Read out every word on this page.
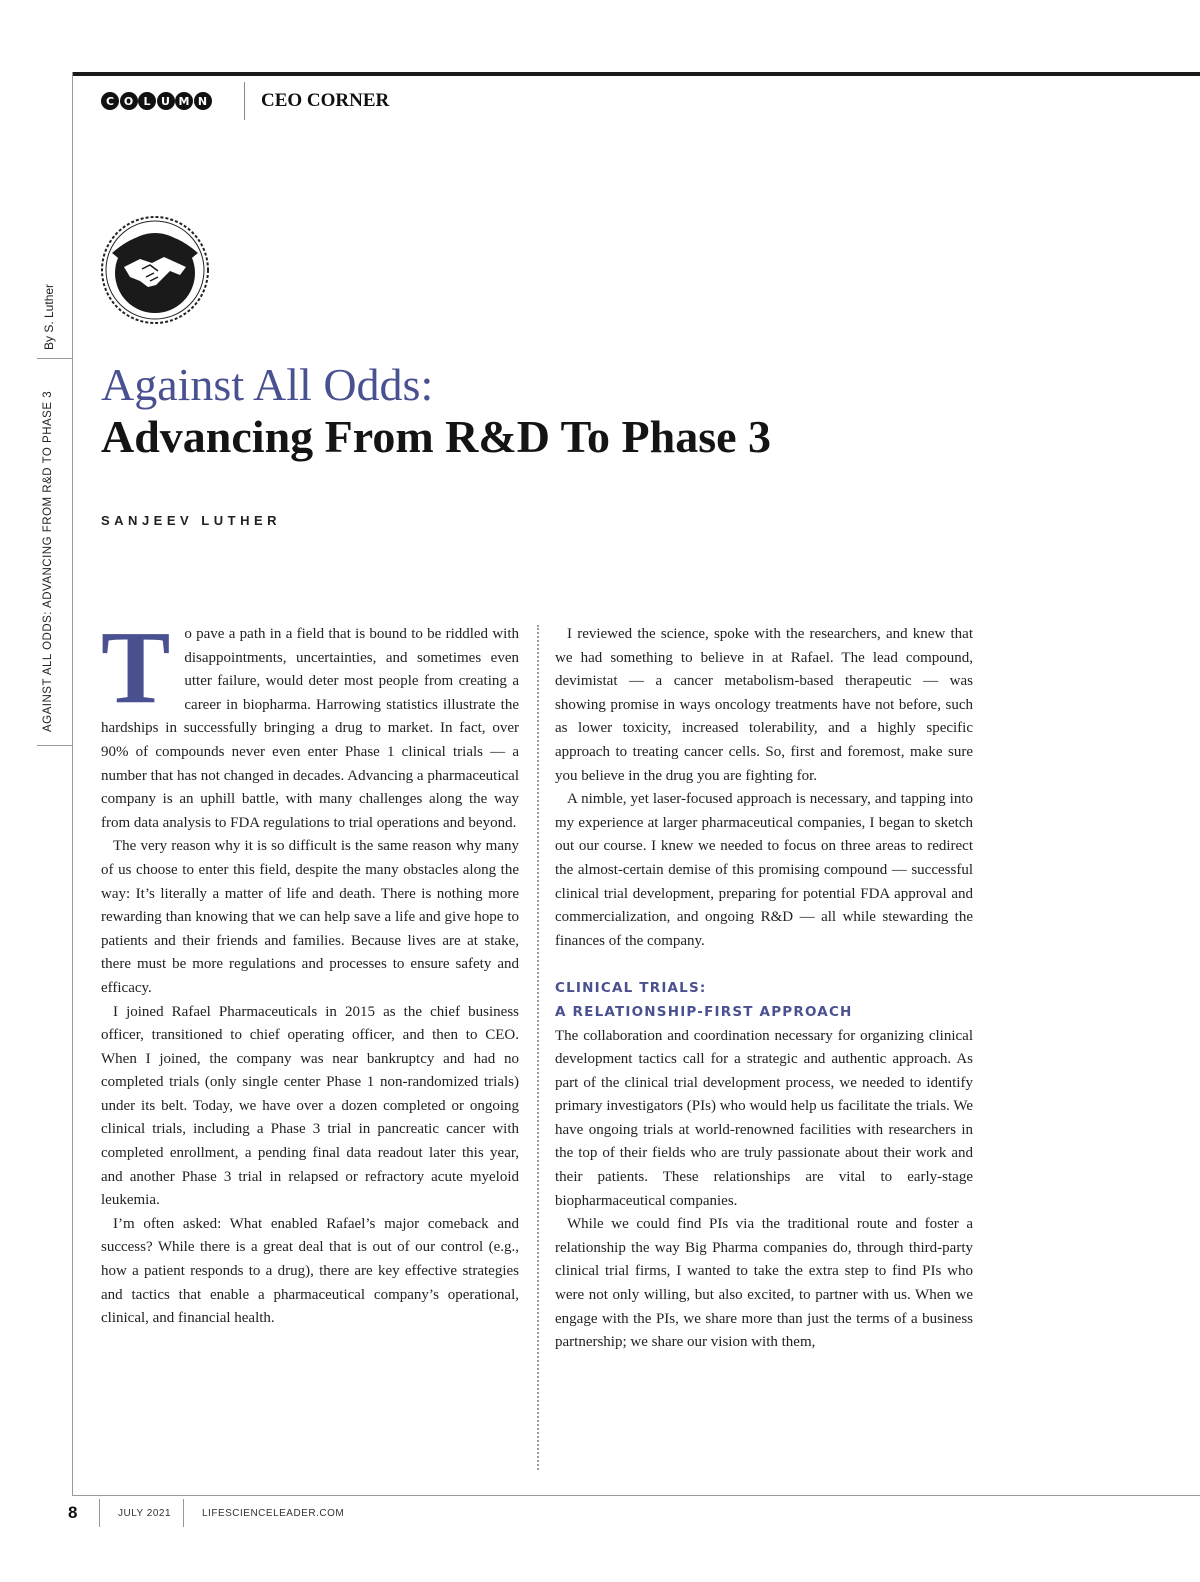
C O L U M N	CEO CORNER
AGAINST ALL ODDS: ADVANCING FROM R&D TO PHASE 3
By S. Luther
Against All Odds:
Advancing From R&D To Phase 3
SANJEEV LUTHER

To pave a path in a field that is bound to be riddled with disappointments, uncertainties, and sometimes even utter failure, would deter most people from creating a career in biopharma. Harrowing statistics illustrate the hardships in successfully bringing a drug to market. In fact, over 90% of compounds never even enter Phase 1 clinical trials — a number that has not changed in decades. Advancing a pharmaceutical company is an uphill battle, with many challenges along the way from data analysis to FDA regulations to trial operations and beyond.

The very reason why it is so difficult is the same reason why many of us choose to enter this field, despite the many obstacles along the way: It’s literally a matter of life and death. There is nothing more rewarding than knowing that we can help save a life and give hope to patients and their friends and families. Because lives are at stake, there must be more regulations and processes to ensure safety and efficacy.

I joined Rafael Pharmaceuticals in 2015 as the chief business officer, transitioned to chief operating officer, and then to CEO. When I joined, the company was near bankruptcy and had no completed trials (only single center Phase 1 non-randomized trials) under its belt. Today, we have over a dozen completed or ongoing clinical trials, including a Phase 3 trial in pancreatic cancer with completed enrollment, a pending final data readout later this year, and another Phase 3 trial in relapsed or refractory acute myeloid leukemia.

I’m often asked: What enabled Rafael’s major comeback and success? While there is a great deal that is out of our control (e.g., how a patient responds to a drug), there are key effective strategies and tactics that enable a pharmaceutical company’s operational, clinical, and financial health.

I reviewed the science, spoke with the researchers, and knew that we had something to believe in at Rafael. The lead compound, devimistat — a cancer metabolism-based therapeutic — was showing promise in ways oncology treatments have not before, such as lower toxicity, increased tolerability, and a highly specific approach to treating cancer cells. So, first and foremost, make sure you believe in the drug you are fighting for.

A nimble, yet laser-focused approach is necessary, and tapping into my experience at larger pharmaceutical companies, I began to sketch out our course. I knew we needed to focus on three areas to redirect the almost-certain demise of this promising compound — successful clinical trial development, preparing for potential FDA approval and commercialization, and ongoing R&D — all while stewarding the finances of the company.

CLINICAL TRIALS:
A RELATIONSHIP-FIRST APPROACH

The collaboration and coordination necessary for organizing clinical development tactics call for a strategic and authentic approach. As part of the clinical trial development process, we needed to identify primary investigators (PIs) who would help us facilitate the trials. We have ongoing trials at world-renowned facilities with researchers in the top of their fields who are truly passionate about their work and their patients. These relationships are vital to early-stage biopharmaceutical companies.

While we could find PIs via the traditional route and foster a relationship the way Big Pharma companies do, through third-party clinical trial firms, I wanted to take the extra step to find PIs who were not only willing, but also excited, to partner with us. When we engage with the PIs, we share more than just the terms of a business partnership; we share our vision with them,

8	JULY 2021	LIFESCIENCELEADER.COM
